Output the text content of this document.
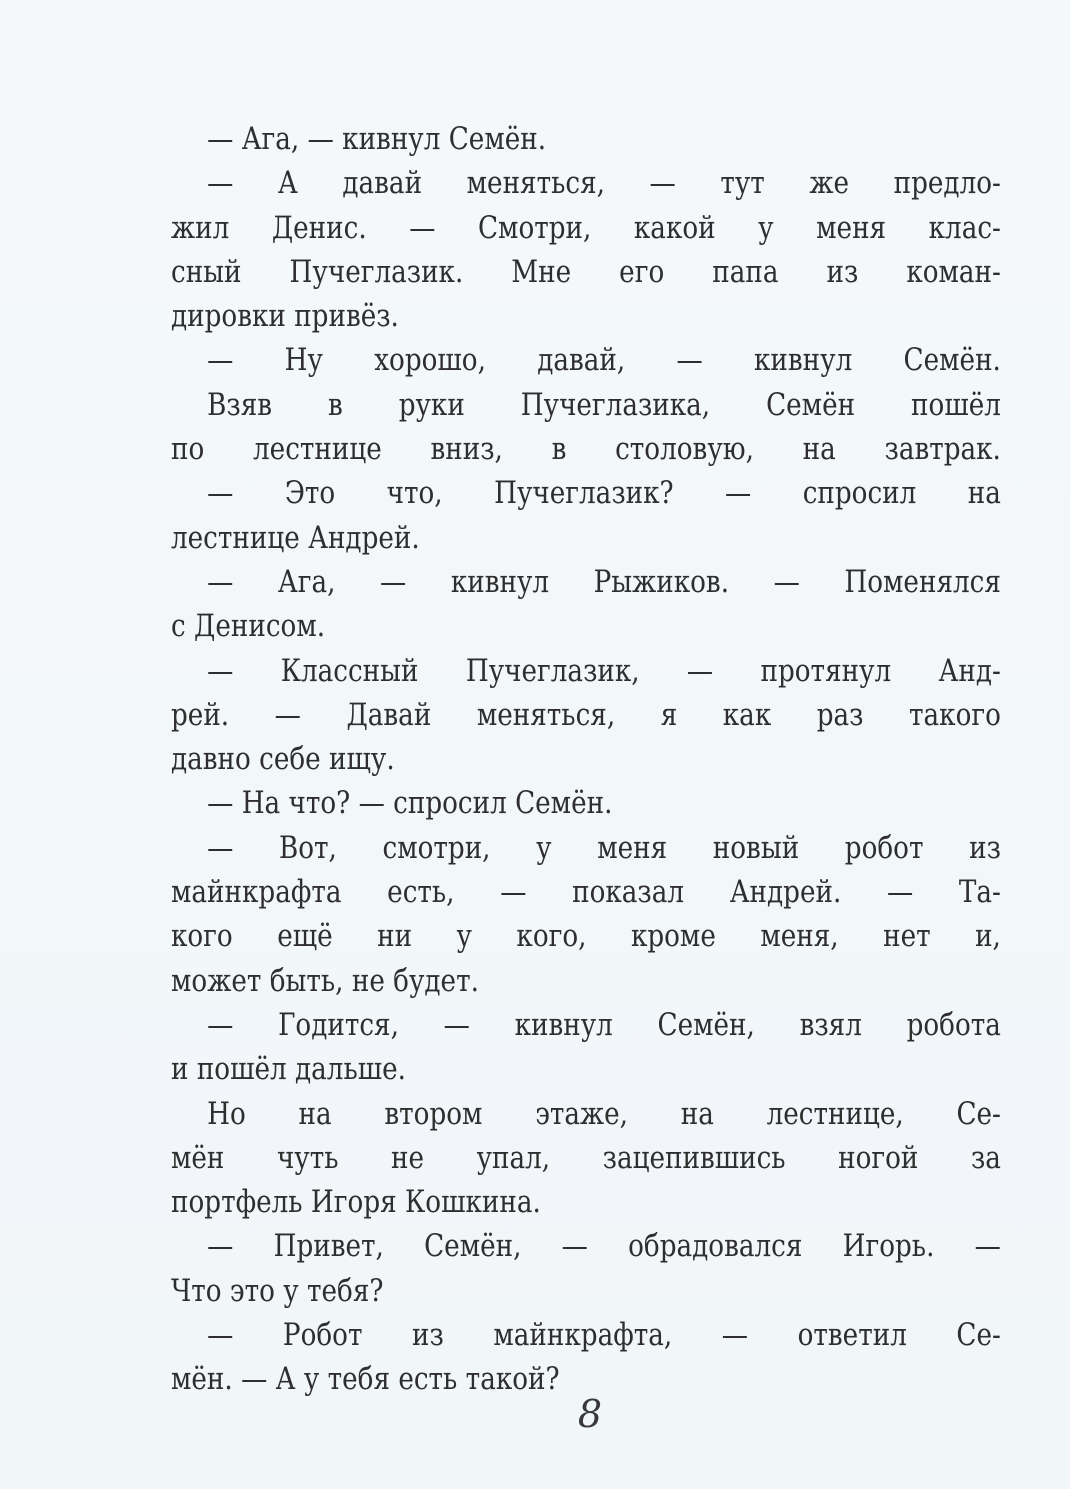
— Ага, — кивнул Семён.
— А давай меняться, — тут же предло-
жил Денис. — Смотри, какой у меня клас-
сный Пучеглазик. Мне его папа из коман-
дировки привёз.
— Ну хорошо, давай, — кивнул Семён.
Взяв в руки Пучеглазика, Семён пошёл
по лестнице вниз, в столовую, на завтрак.
— Это что, Пучеглазик? — спросил на
лестнице Андрей.
— Ага, — кивнул Рыжиков. — Поменялся
с Денисом.
— Классный Пучеглазик, — протянул Анд-
рей. — Давай меняться, я как раз такого
давно себе ищу.
— На что? — спросил Семён.
— Вот, смотри, у меня новый робот из
майнкрафта есть, — показал Андрей. — Та-
кого ещё ни у кого, кроме меня, нет и,
может быть, не будет.
— Годится, — кивнул Семён, взял робота
и пошёл дальше.
Но на втором этаже, на лестнице, Се-
мён чуть не упал, зацепившись ногой за
портфель Игоря Кошкина.
— Привет, Семён, — обрадовался Игорь. —
Что это у тебя?
— Робот из майнкрафта, — ответил Се-
мён. — А у тебя есть такой?
8
